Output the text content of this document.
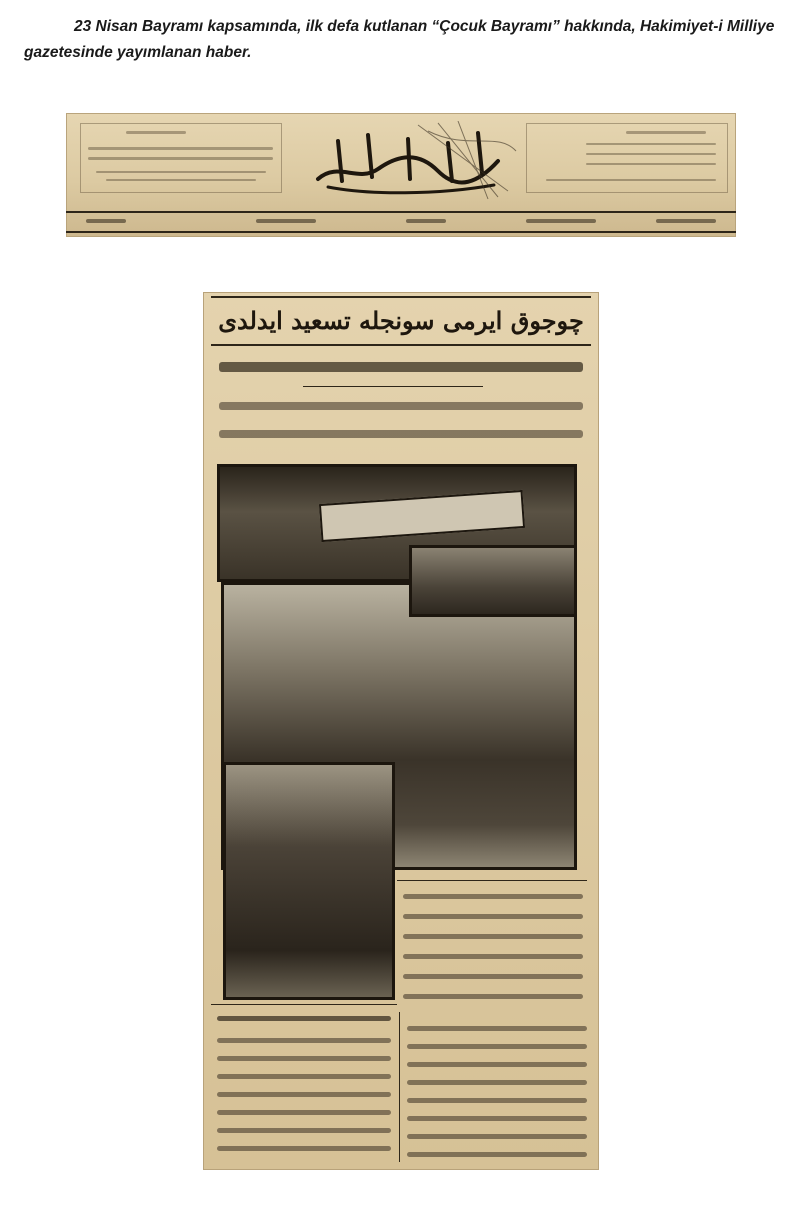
23 Nisan Bayramı kapsamında, ilk defa kutlanan “Çocuk Bayramı” hakkında, Hakimiyet-i Milliye
gazetesinde yayımlanan haber.
چوجوق ايرمى سونجله تسعيد ايدلدى
